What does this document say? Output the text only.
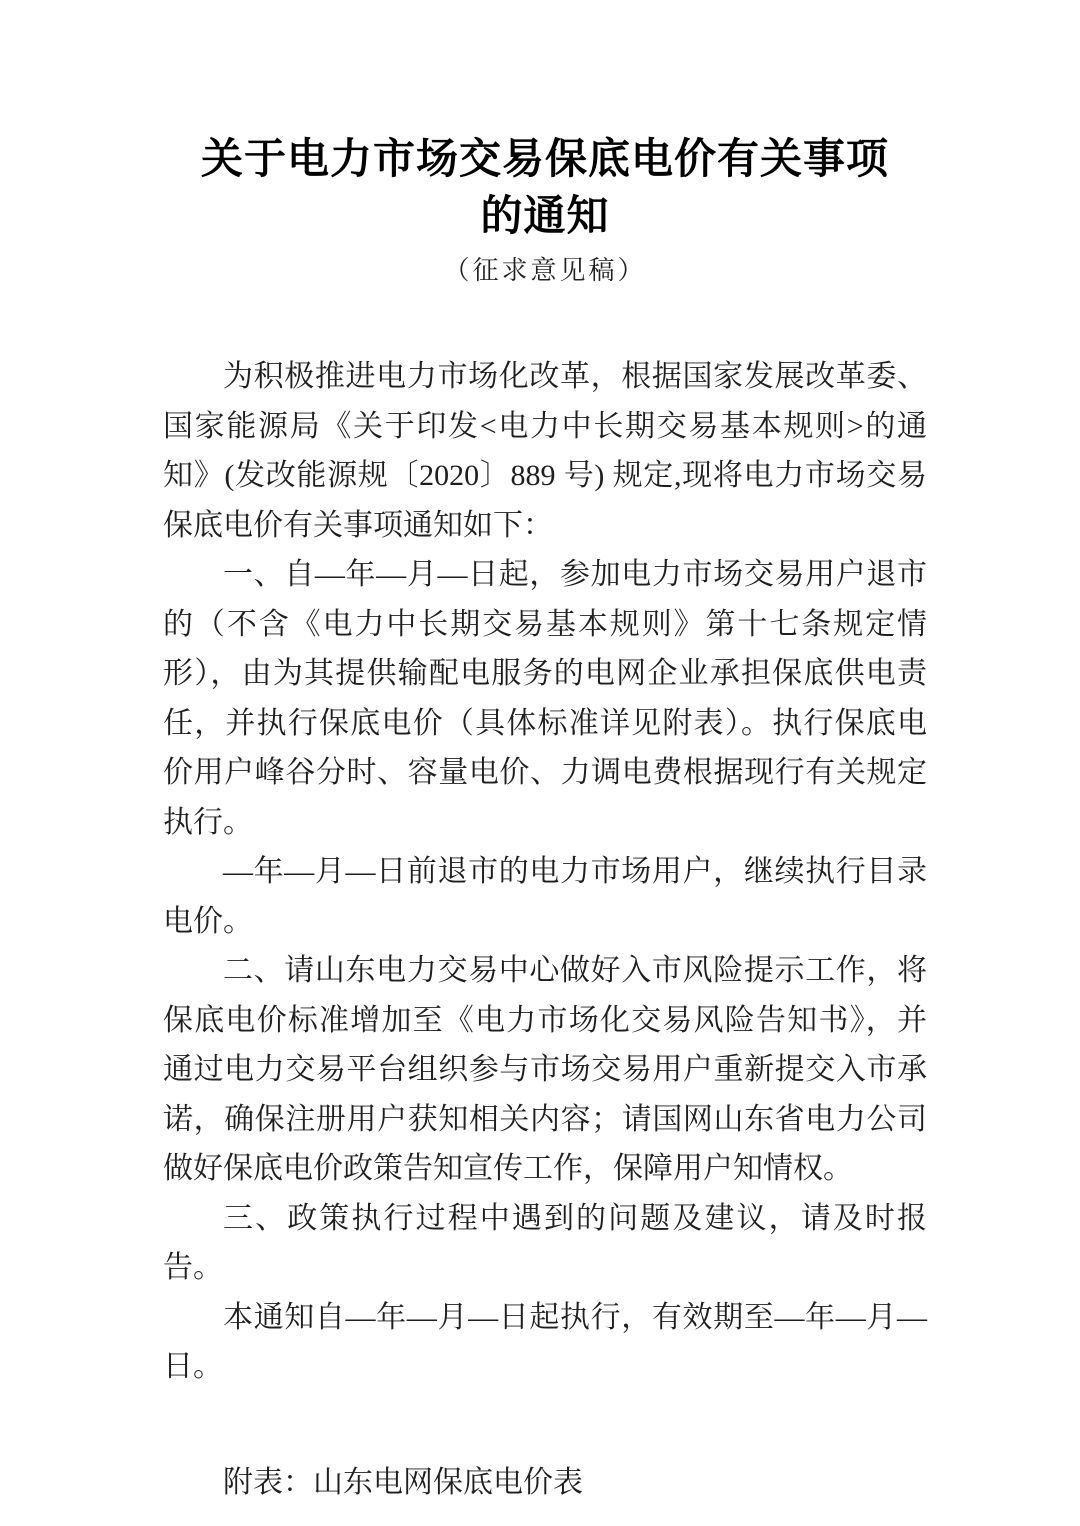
关于电力市场交易保底电价有关事项
的通知
（征求意见稿）

为积极推进电力市场化改革，根据国家发展改革委、国家能源局《关于印发<电力中长期交易基本规则>的通知》(发改能源规〔2020〕889 号) 规定,现将电力市场交易保底电价有关事项通知如下：

一、自—年—月—日起，参加电力市场交易用户退市的（不含《电力中长期交易基本规则》第十七条规定情形），由为其提供输配电服务的电网企业承担保底供电责任，并执行保底电价（具体标准详见附表）。执行保底电价用户峰谷分时、容量电价、力调电费根据现行有关规定执行。

—年—月—日前退市的电力市场用户，继续执行目录电价。

二、请山东电力交易中心做好入市风险提示工作，将保底电价标准增加至《电力市场化交易风险告知书》，并通过电力交易平台组织参与市场交易用户重新提交入市承诺，确保注册用户获知相关内容；请国网山东省电力公司做好保底电价政策告知宣传工作，保障用户知情权。

三、政策执行过程中遇到的问题及建议，请及时报告。

本通知自—年—月—日起执行，有效期至—年—月—日。

附表：山东电网保底电价表
